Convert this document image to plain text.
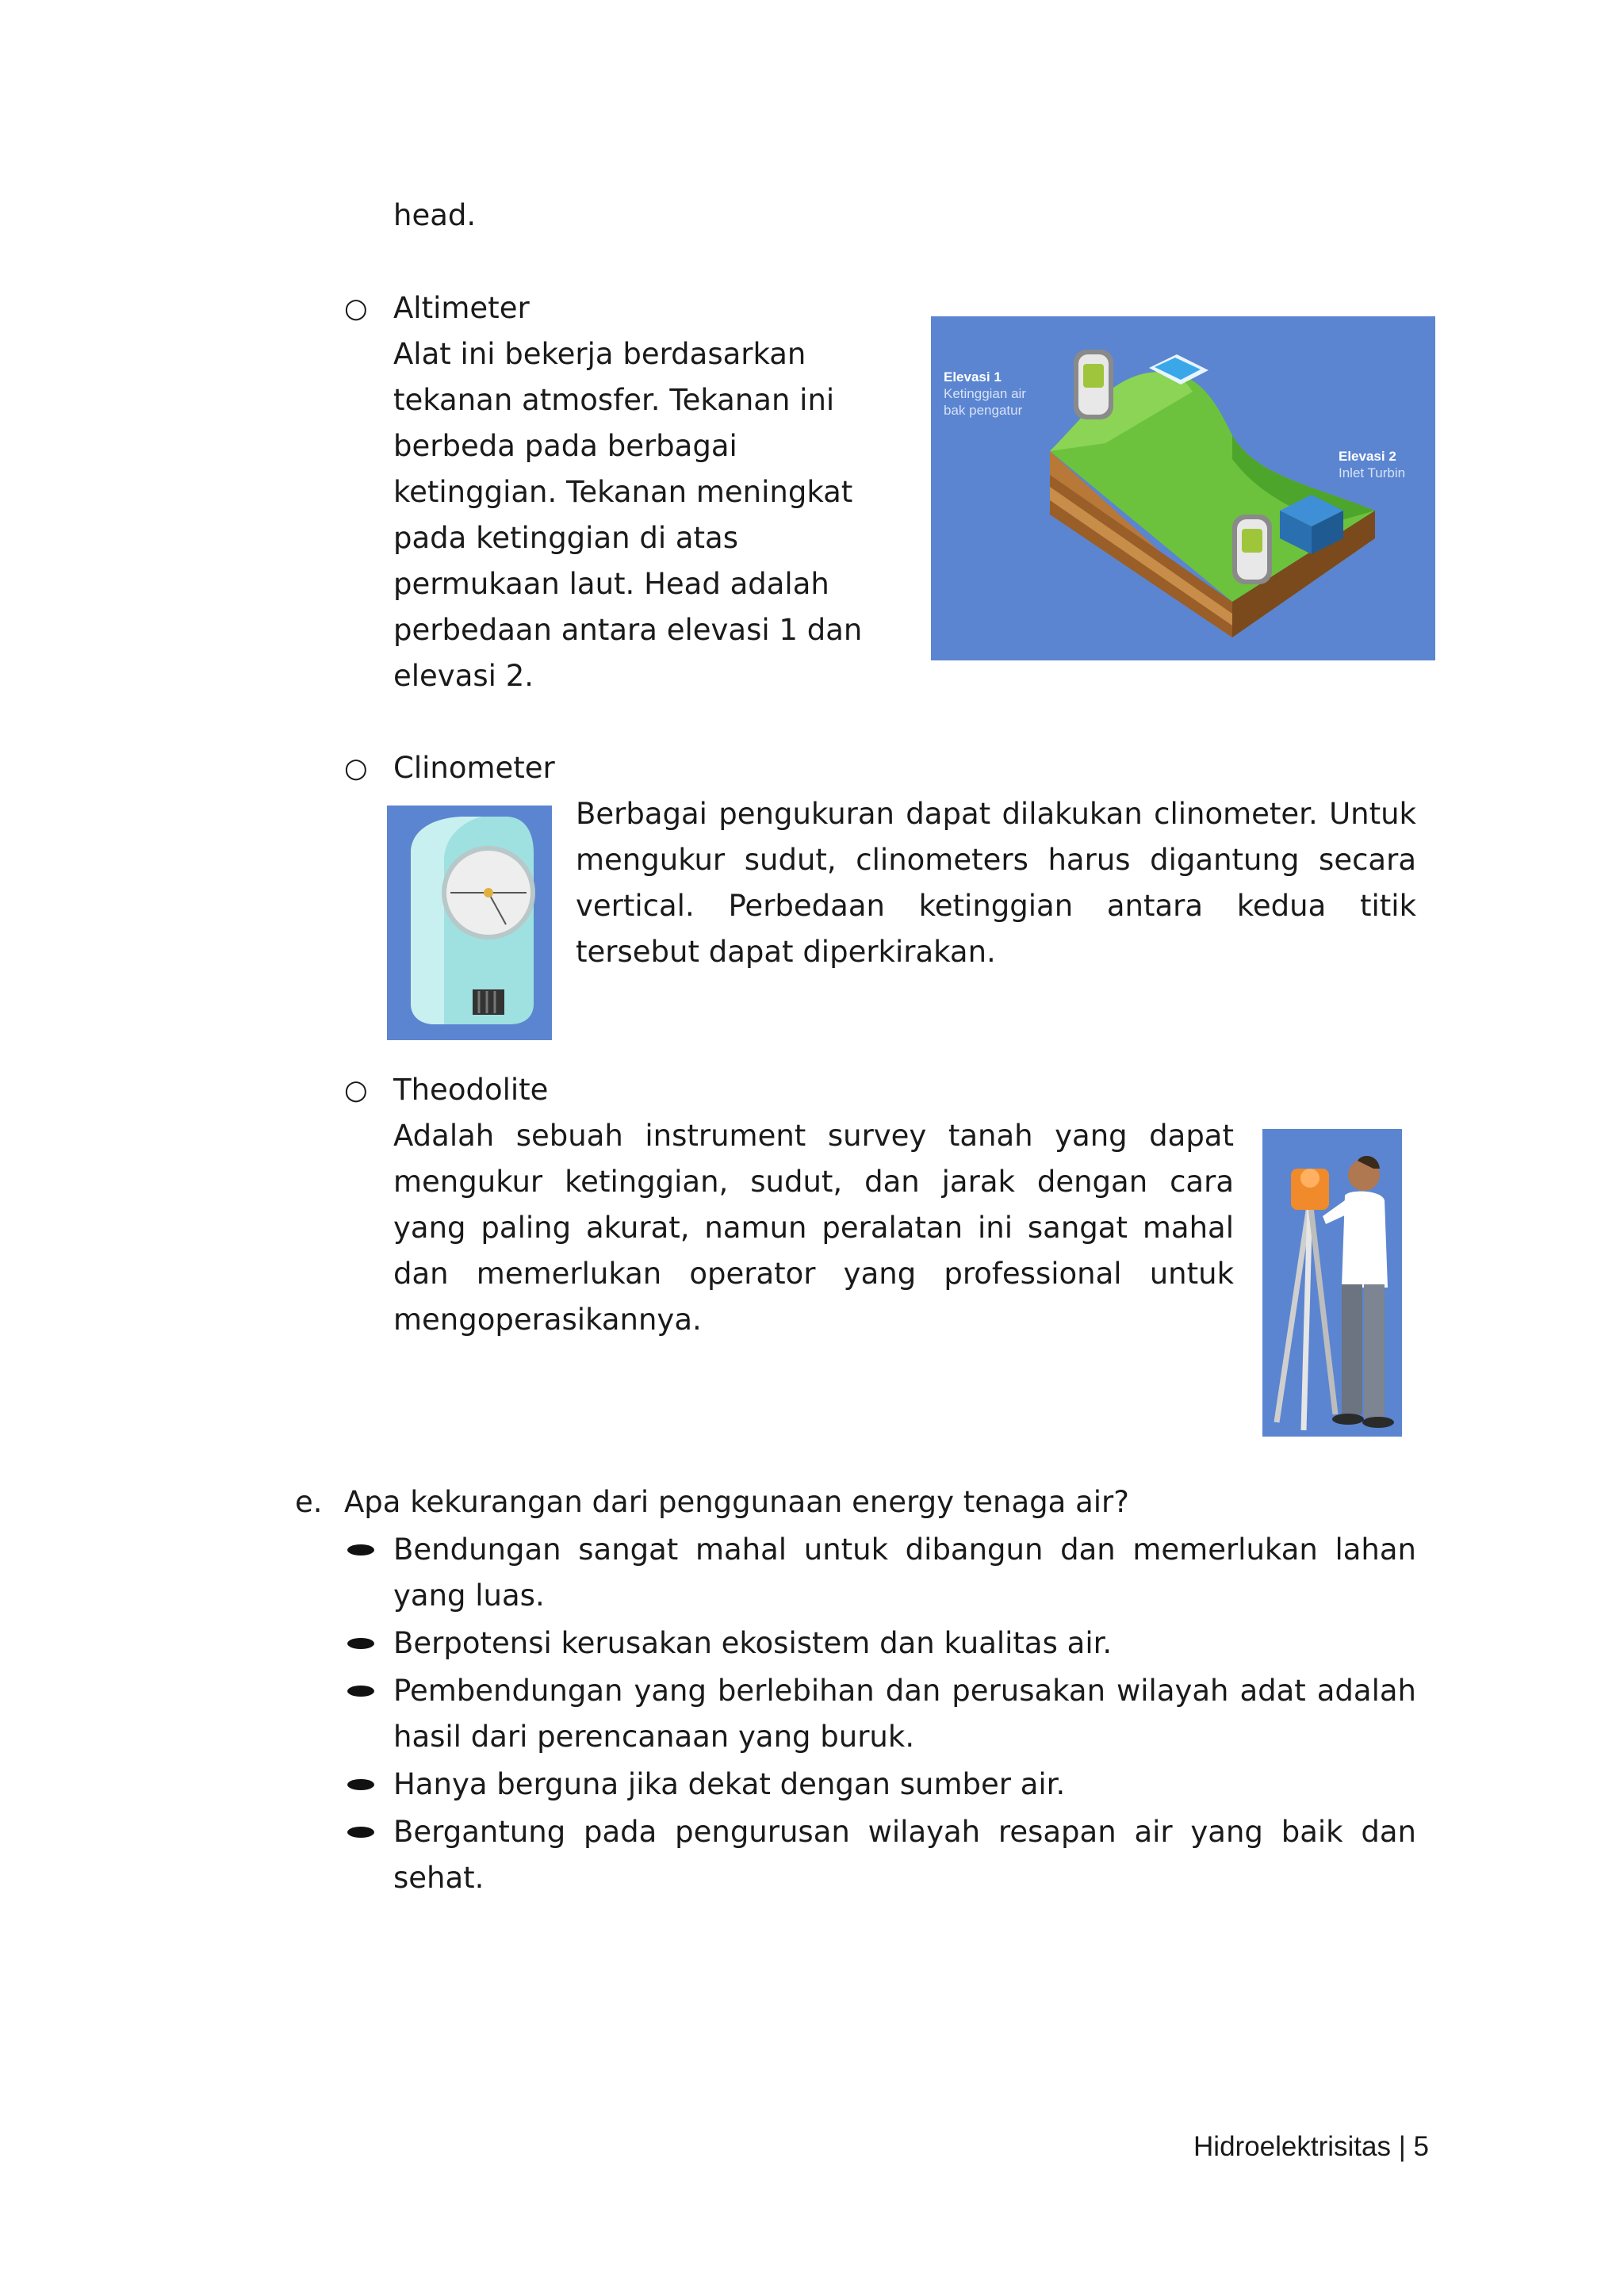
head.
○ Altimeter
Alat ini bekerja berdasarkan
tekanan atmosfer. Tekanan ini
berbeda pada berbagai
ketinggian. Tekanan meningkat
pada ketinggian di atas
permukaan laut. Head adalah
perbedaan antara elevasi 1 dan
elevasi 2.
Elevasi 1
Ketinggian air
bak pengatur
Elevasi 2
Inlet Turbin
○ Clinometer
Berbagai pengukuran dapat dilakukan clinometer. Untuk mengukur sudut, clinometers harus digantung secara vertical. Perbedaan ketinggian antara kedua titik tersebut dapat diperkirakan.
○ Theodolite
Adalah sebuah instrument survey tanah yang dapat mengukur ketinggian, sudut, dan jarak dengan cara yang paling akurat, namun peralatan ini sangat mahal dan memerlukan operator yang professional untuk mengoperasikannya.
e. Apa kekurangan dari penggunaan energy tenaga air?
Bendungan sangat mahal untuk dibangun dan memerlukan lahan yang luas.
Berpotensi kerusakan ekosistem dan kualitas air.
Pembendungan yang berlebihan dan perusakan wilayah adat adalah hasil dari perencanaan yang buruk.
Hanya berguna jika dekat dengan sumber air.
Bergantung pada pengurusan wilayah resapan air yang baik dan sehat.
Hidroelektrisitas | 5
